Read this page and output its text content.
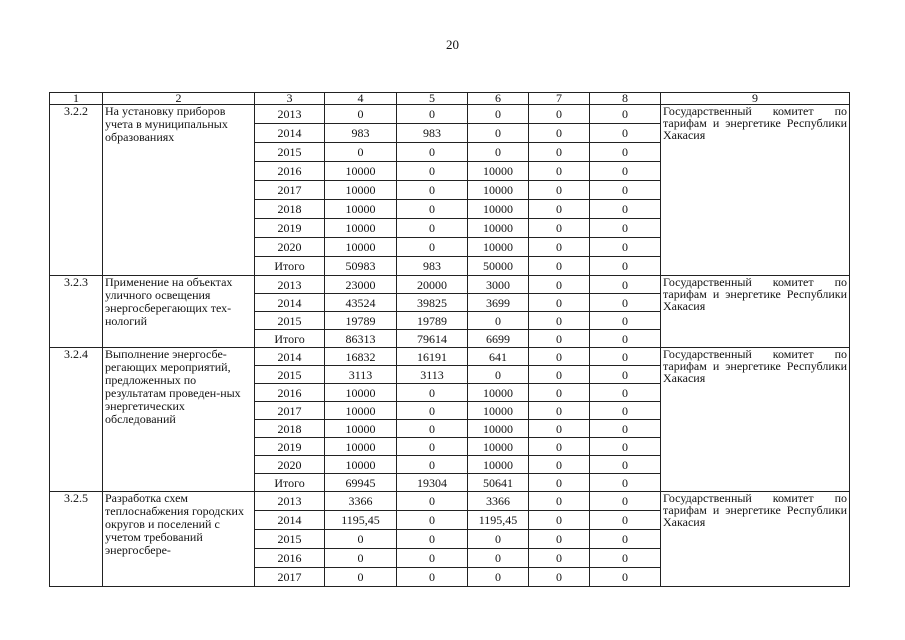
20
1	2	3	4	5	6	7	8	9
3.2.2	На установку приборов учета в муниципальных образованиях	2013	0	0	0	0	0	Государственный комитет по тарифам и энергетике Республики Хакасия
		2014	983	983	0	0	0	
		2015	0	0	0	0	0	
		2016	10000	0	10000	0	0	
		2017	10000	0	10000	0	0	
		2018	10000	0	10000	0	0	
		2019	10000	0	10000	0	0	
		2020	10000	0	10000	0	0	
		Итого	50983	983	50000	0	0	
3.2.3	Применение на объектах уличного освещения энергосберегающих тех-нологий	2013	23000	20000	3000	0	0	Государственный комитет по тарифам и энергетике Республики Хакасия
		2014	43524	39825	3699	0	0	
		2015	19789	19789	0	0	0	
		Итого	86313	79614	6699	0	0	
3.2.4	Выполнение энергосбе-регающих мероприятий, предложенных по результатам проведен-ных энергетических обследований	2014	16832	16191	641	0	0	Государственный комитет по тарифам и энергетике Республики Хакасия
		2015	3113	3113	0	0	0	
		2016	10000	0	10000	0	0	
		2017	10000	0	10000	0	0	
		2018	10000	0	10000	0	0	
		2019	10000	0	10000	0	0	
		2020	10000	0	10000	0	0	
		Итого	69945	19304	50641	0	0	
3.2.5	Разработка схем теплоснабжения городских округов и поселений с учетом требований энергосбере-	2013	3366	0	3366	0	0	Государственный комитет по тарифам и энергетике Республики Хакасия
		2014	1195,45	0	1195,45	0	0	
		2015	0	0	0	0	0	
		2016	0	0	0	0	0	
		2017	0	0	0	0	0	
